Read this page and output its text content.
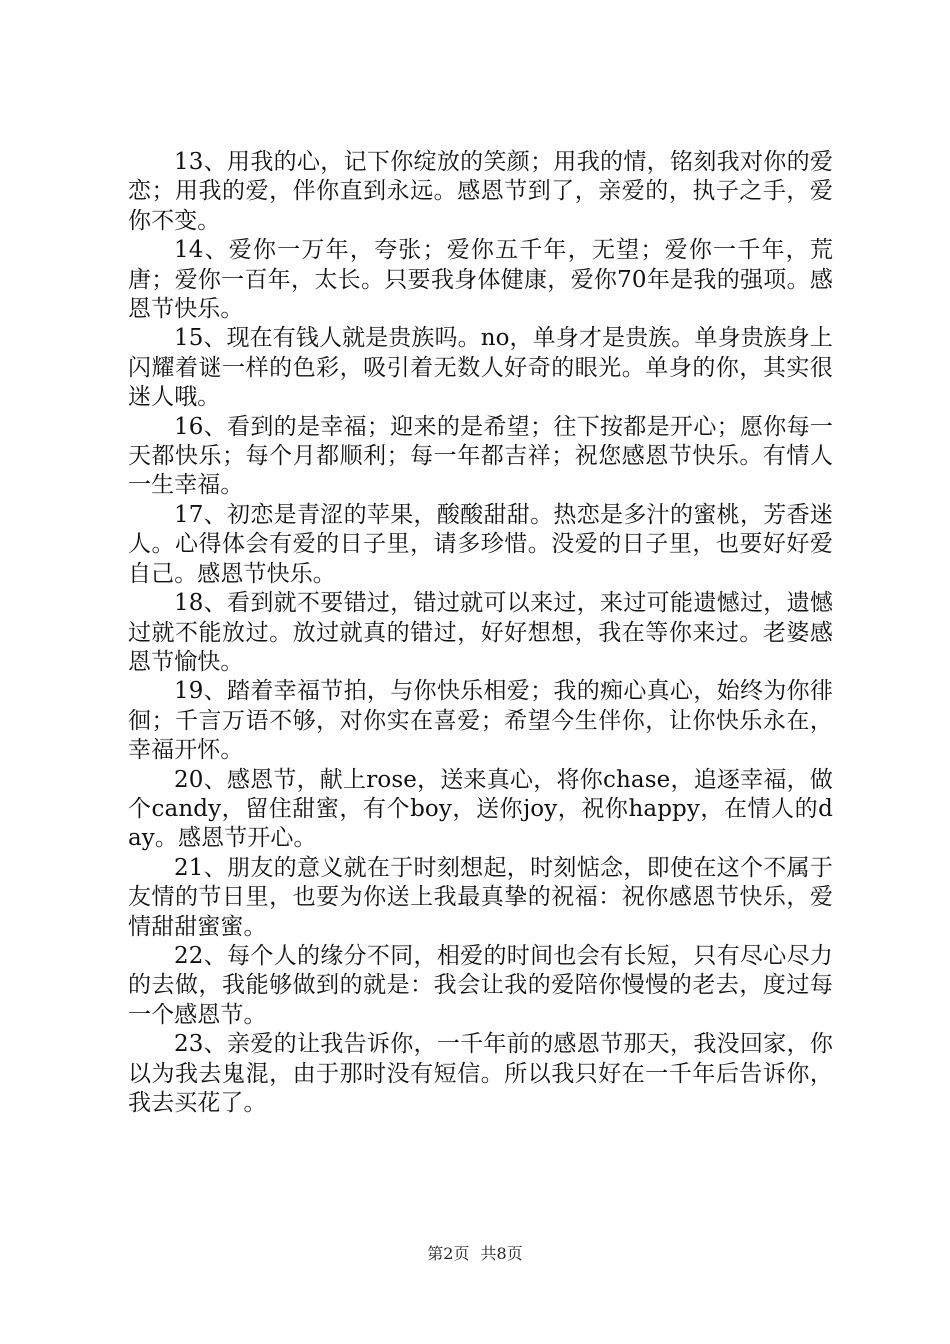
13、用我的心，记下你绽放的笑颜；用我的情，铭刻我对你的爱恋；用我的爱，伴你直到永远。感恩节到了，亲爱的，执子之手，爱你不变。

14、爱你一万年，夸张；爱你五千年，无望；爱你一千年，荒唐；爱你一百年，太长。只要我身体健康，爱你70年是我的强项。感恩节快乐。

15、现在有钱人就是贵族吗。no，单身才是贵族。单身贵族身上闪耀着谜一样的色彩，吸引着无数人好奇的眼光。单身的你，其实很迷人哦。

16、看到的是幸福；迎来的是希望；往下按都是开心；愿你每一天都快乐；每个月都顺利；每一年都吉祥；祝您感恩节快乐。有情人一生幸福。

17、初恋是青涩的苹果，酸酸甜甜。热恋是多汁的蜜桃，芳香迷人。心得体会有爱的日子里，请多珍惜。没爱的日子里，也要好好爱自己。感恩节快乐。

18、看到就不要错过，错过就可以来过，来过可能遗憾过，遗憾过就不能放过。放过就真的错过，好好想想，我在等你来过。老婆感恩节愉快。

19、踏着幸福节拍，与你快乐相爱；我的痴心真心，始终为你徘徊；千言万语不够，对你实在喜爱；希望今生伴你，让你快乐永在，幸福开怀。

20、感恩节，献上rose，送来真心，将你chase，追逐幸福，做个candy，留住甜蜜，有个boy，送你joy，祝你happy，在情人的day。感恩节开心。

21、朋友的意义就在于时刻想起，时刻惦念，即使在这个不属于友情的节日里，也要为你送上我最真挚的祝福：祝你感恩节快乐，爱情甜甜蜜蜜。

22、每个人的缘分不同，相爱的时间也会有长短，只有尽心尽力的去做，我能够做到的就是：我会让我的爱陪你慢慢的老去，度过每一个感恩节。

23、亲爱的让我告诉你，一千年前的感恩节那天，我没回家，你以为我去鬼混，由于那时没有短信。所以我只好在一千年后告诉你，我去买花了。

第2页 共8页
